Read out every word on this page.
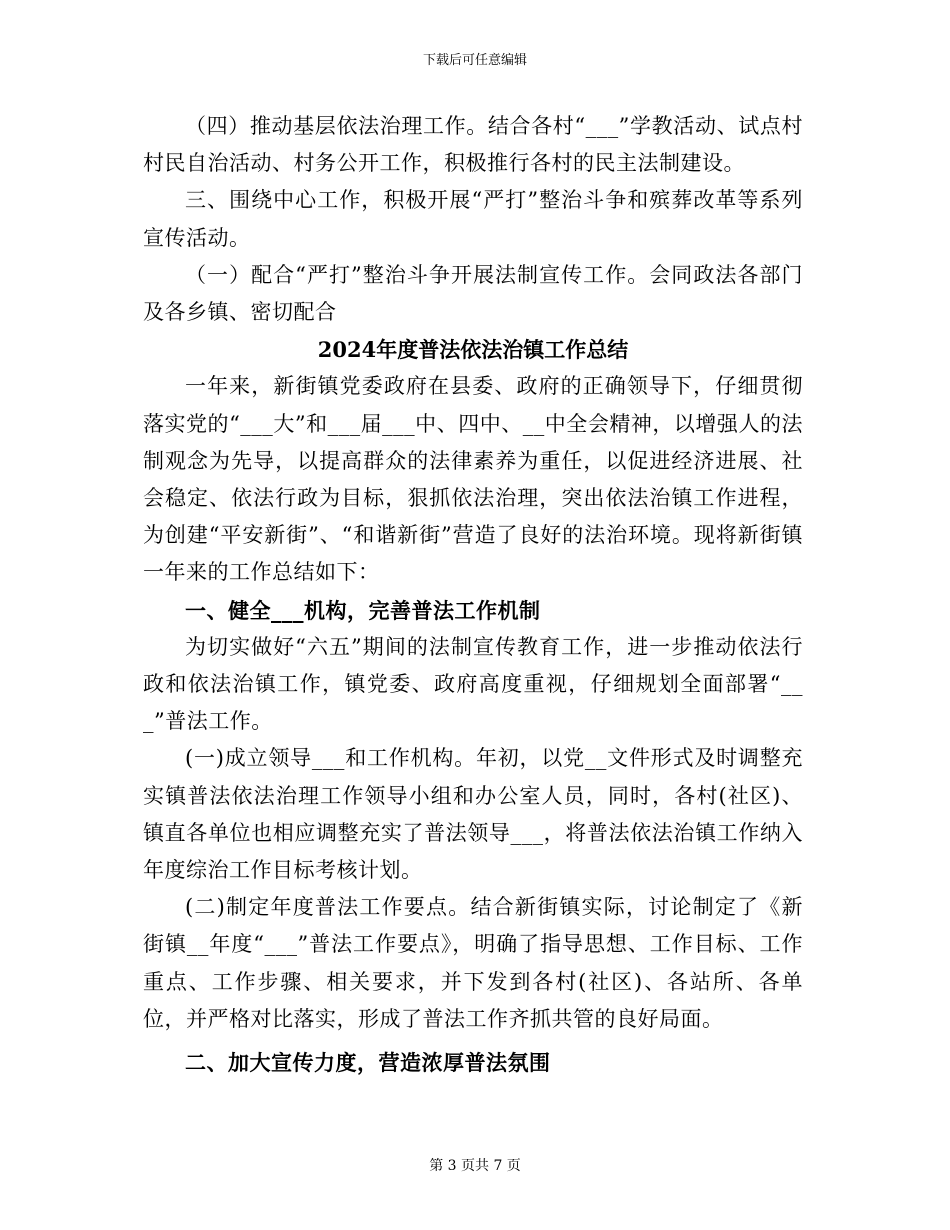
下载后可任意编辑

（四）推动基层依法治理工作。结合各村“___”学教活动、试点村村民自治活动、村务公开工作，积极推行各村的民主法制建设。

三、围绕中心工作，积极开展“严打”整治斗争和殡葬改革等系列宣传活动。

（一）配合“严打”整治斗争开展法制宣传工作。会同政法各部门及各乡镇、密切配合

2024年度普法依法治镇工作总结

一年来，新街镇党委政府在县委、政府的正确领导下，仔细贯彻落实党的“___大”和___届___中、四中、__中全会精神，以增强人的法制观念为先导，以提高群众的法律素养为重任，以促进经济进展、社会稳定、依法行政为目标，狠抓依法治理，突出依法治镇工作进程，为创建“平安新街”、“和谐新街”营造了良好的法治环境。现将新街镇一年来的工作总结如下：

一、健全___机构，完善普法工作机制

为切实做好“六五”期间的法制宣传教育工作，进一步推动依法行政和依法治镇工作，镇党委、政府高度重视，仔细规划全面部署“___”普法工作。

(一)成立领导___和工作机构。年初，以党__文件形式及时调整充实镇普法依法治理工作领导小组和办公室人员，同时，各村(社区)、镇直各单位也相应调整充实了普法领导___，将普法依法治镇工作纳入年度综治工作目标考核计划。

(二)制定年度普法工作要点。结合新街镇实际，讨论制定了《新街镇__年度“___”普法工作要点》，明确了指导思想、工作目标、工作重点、工作步骤、相关要求，并下发到各村(社区)、各站所、各单位，并严格对比落实，形成了普法工作齐抓共管的良好局面。

二、加大宣传力度，营造浓厚普法氛围

第 3 页共 7 页
